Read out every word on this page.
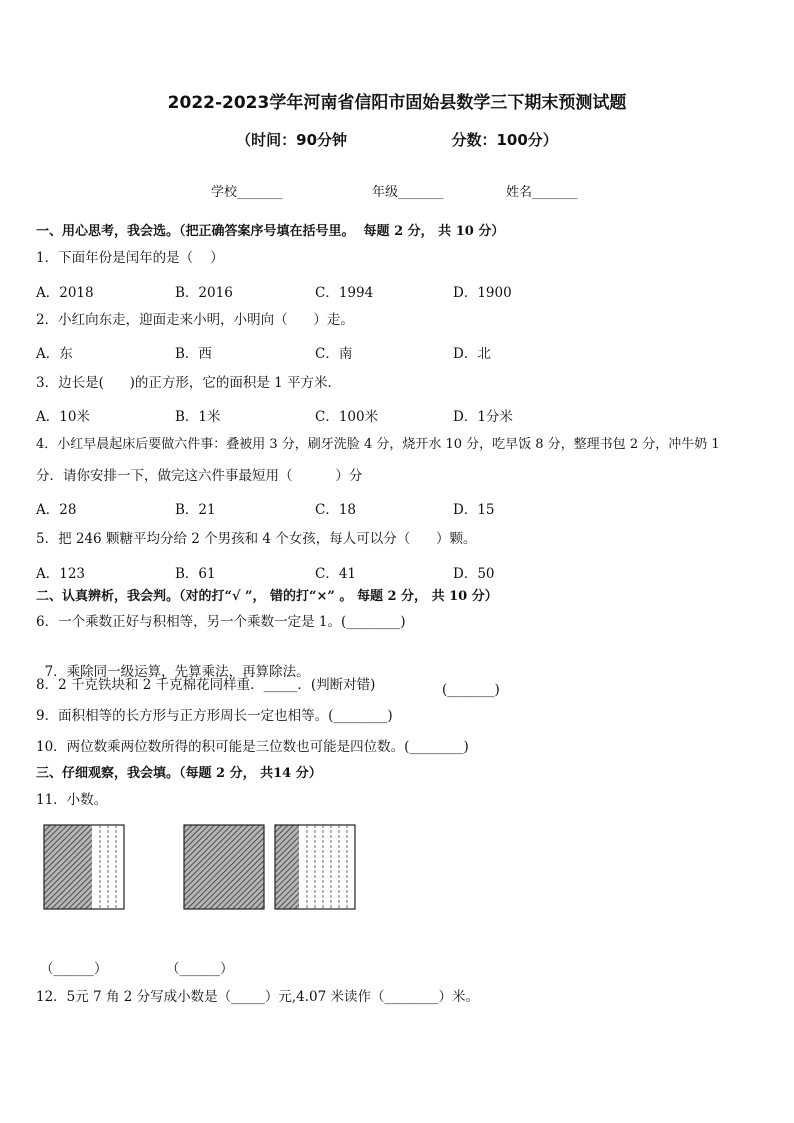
2022-2023学年河南省信阳市固始县数学三下期末预测试题
（时间：90分钟                    分数：100分）
学校_______	年级_______	姓名_______
一、用心思考，我会选。（把正确答案序号填在括号里。  每题 2 分， 共 10 分）
1．下面年份是闰年的是（    ）
A．2018	B．2016	C．1994	D．1900
2．小红向东走，迎面走来小明，小明向（      ）走。
A．东	B．西	C．南	D．北
3．边长是(      )的正方形，它的面积是 1 平方米．
A．10米	B．1米	C．100米	D．1分米
4．小红早晨起床后要做六件事：叠被用 3 分，刷牙洗脸 4 分，烧开水 10 分，吃早饭 8 分，整理书包 2 分，冲牛奶 1
分．请你安排一下，做完这六件事最短用（          ）分
A．28	B．21	C．18	D．15
5．把 246 颗糖平均分给 2 个男孩和 4 个女孩，每人可以分（      ）颗。
A．123	B．61	C．41	D．50
二、认真辨析，我会判。（对的打“√ ”， 错的打“×” 。 每题 2 分， 共 10 分）
6．一个乘数正好与积相等，另一个乘数一定是 1。(________)

7．乘除同一级运算，先算乘法，再算除法。

(_______)

8．2 千克铁块和 2 千克棉花同样重．_____．(判断对错)
9．面积相等的长方形与正方形周长一定也相等。(________)
10．两位数乘两位数所得的积可能是三位数也可能是四位数。(________)
三、仔细观察，我会填。（每题 2 分， 共14 分）
11．小数。
（______）	（______）
12．5元 7 角 2 分写成小数是（_____）元,4.07 米读作（________）米。
